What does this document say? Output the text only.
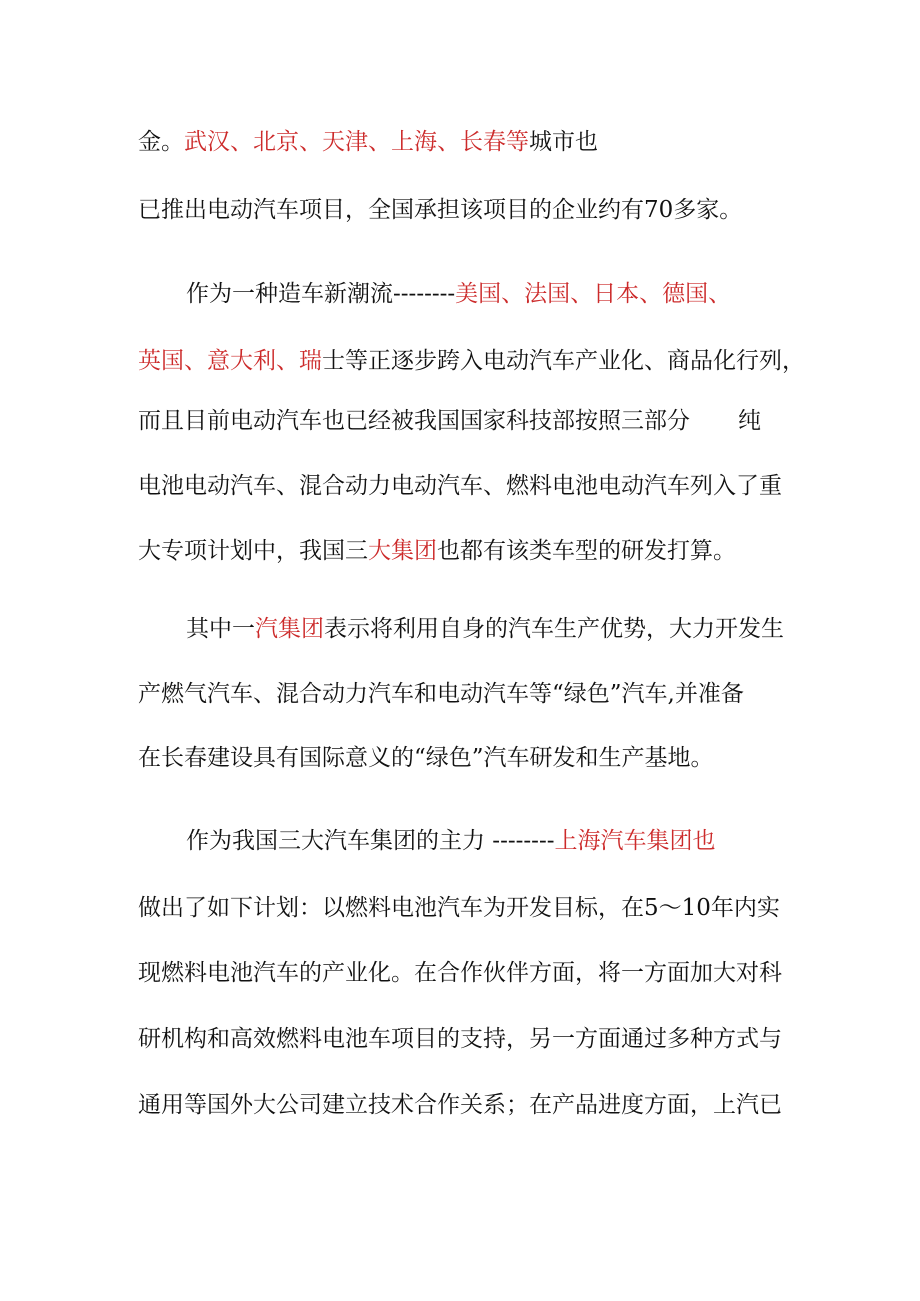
金。武汉、北京、天津、上海、长春等城市也
已推出电动汽车项目，全国承担该项目的企业约有70多家。
作为一种造车新潮流--------美国、法国、日本、德国、
英国、意大利、瑞士等正逐步跨入电动汽车产业化、商品化行列，
而且目前电动汽车也已经被我国国家科技部按照三部分 纯
电池电动汽车、混合动力电动汽车、燃料电池电动汽车列入了重
大专项计划中，我国三大集团也都有该类车型的研发打算。
其中一汽集团表示将利用自身的汽车生产优势，大力开发生
产燃气汽车、混合动力汽车和电动汽车等“绿色”汽车,并准备
在长春建设具有国际意义的“绿色”汽车研发和生产基地。
作为我国三大汽车集团的主力 --------上海汽车集团也
做出了如下计划：以燃料电池汽车为开发目标，在5～10年内实
现燃料电池汽车的产业化。在合作伙伴方面，将一方面加大对科
研机构和高效燃料电池车项目的支持，另一方面通过多种方式与
通用等国外大公司建立技术合作关系；在产品进度方面，上汽已
